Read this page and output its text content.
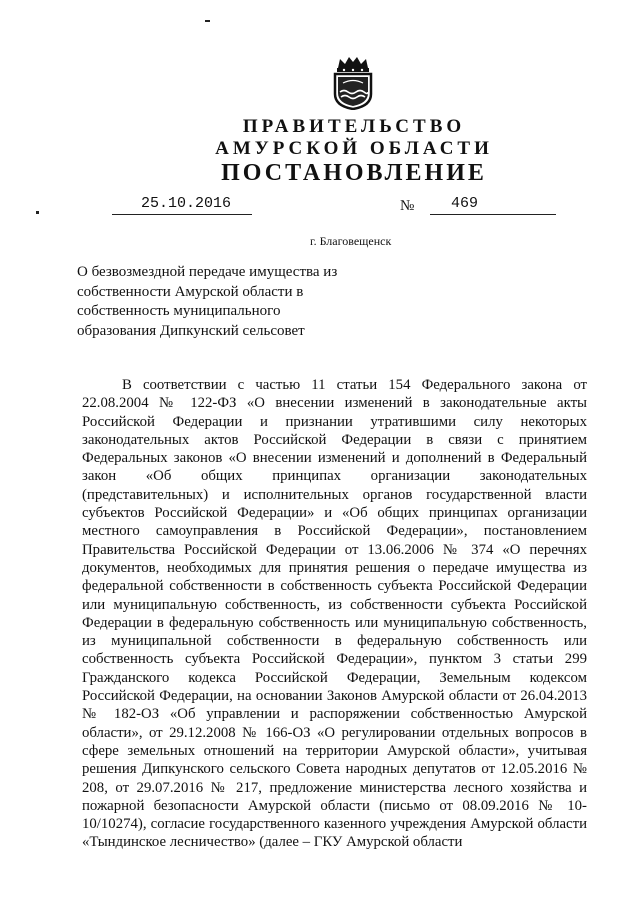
ПРАВИТЕЛЬСТВО
АМУРСКОЙ ОБЛАСТИ
ПОСТАНОВЛЕНИЕ
25.10.2016	№ 469
г. Благовещенск
О безвозмездной передаче имущества из собственности Амурской области в собственность муниципального образования Дипкунский сельсовет
В соответствии с частью 11 статьи 154 Федерального закона от 22.08.2004 № 122-ФЗ «О внесении изменений в законодательные акты Российской Федерации и признании утратившими силу некоторых законодательных актов Российской Федерации в связи с принятием Федеральных законов «О внесении изменений и дополнений в Федеральный закон «Об общих принципах организации законодательных (представительных) и исполнительных органов государственной власти субъектов Российской Федерации» и «Об общих принципах организации местного самоуправления в Российской Федерации», постановлением Правительства Российской Федерации от 13.06.2006 № 374 «О перечнях документов, необходимых для принятия решения о передаче имущества из федеральной собственности в собственность субъекта Российской Федерации или муниципальную собственность, из собственности субъекта Российской Федерации в федеральную собственность или муниципальную собственность, из муниципальной собственности в федеральную собственность или собственность субъекта Российской Федерации», пунктом 3 статьи 299 Гражданского кодекса Российской Федерации, Земельным кодексом Российской Федерации, на основании Законов Амурской области от 26.04.2013 № 182-ОЗ «Об управлении и распоряжении собственностью Амурской области», от 29.12.2008 № 166-ОЗ «О регулировании отдельных вопросов в сфере земельных отношений на территории Амурской области», учитывая решения Дипкунского сельского Совета народных депутатов от 12.05.2016 № 208, от 29.07.2016 № 217, предложение министерства лесного хозяйства и пожарной безопасности Амурской области (письмо от 08.09.2016 № 10-10/10274), согласие государственного казенного учреждения Амурской области «Тындинское лесничество» (далее – ГКУ Амурской области
